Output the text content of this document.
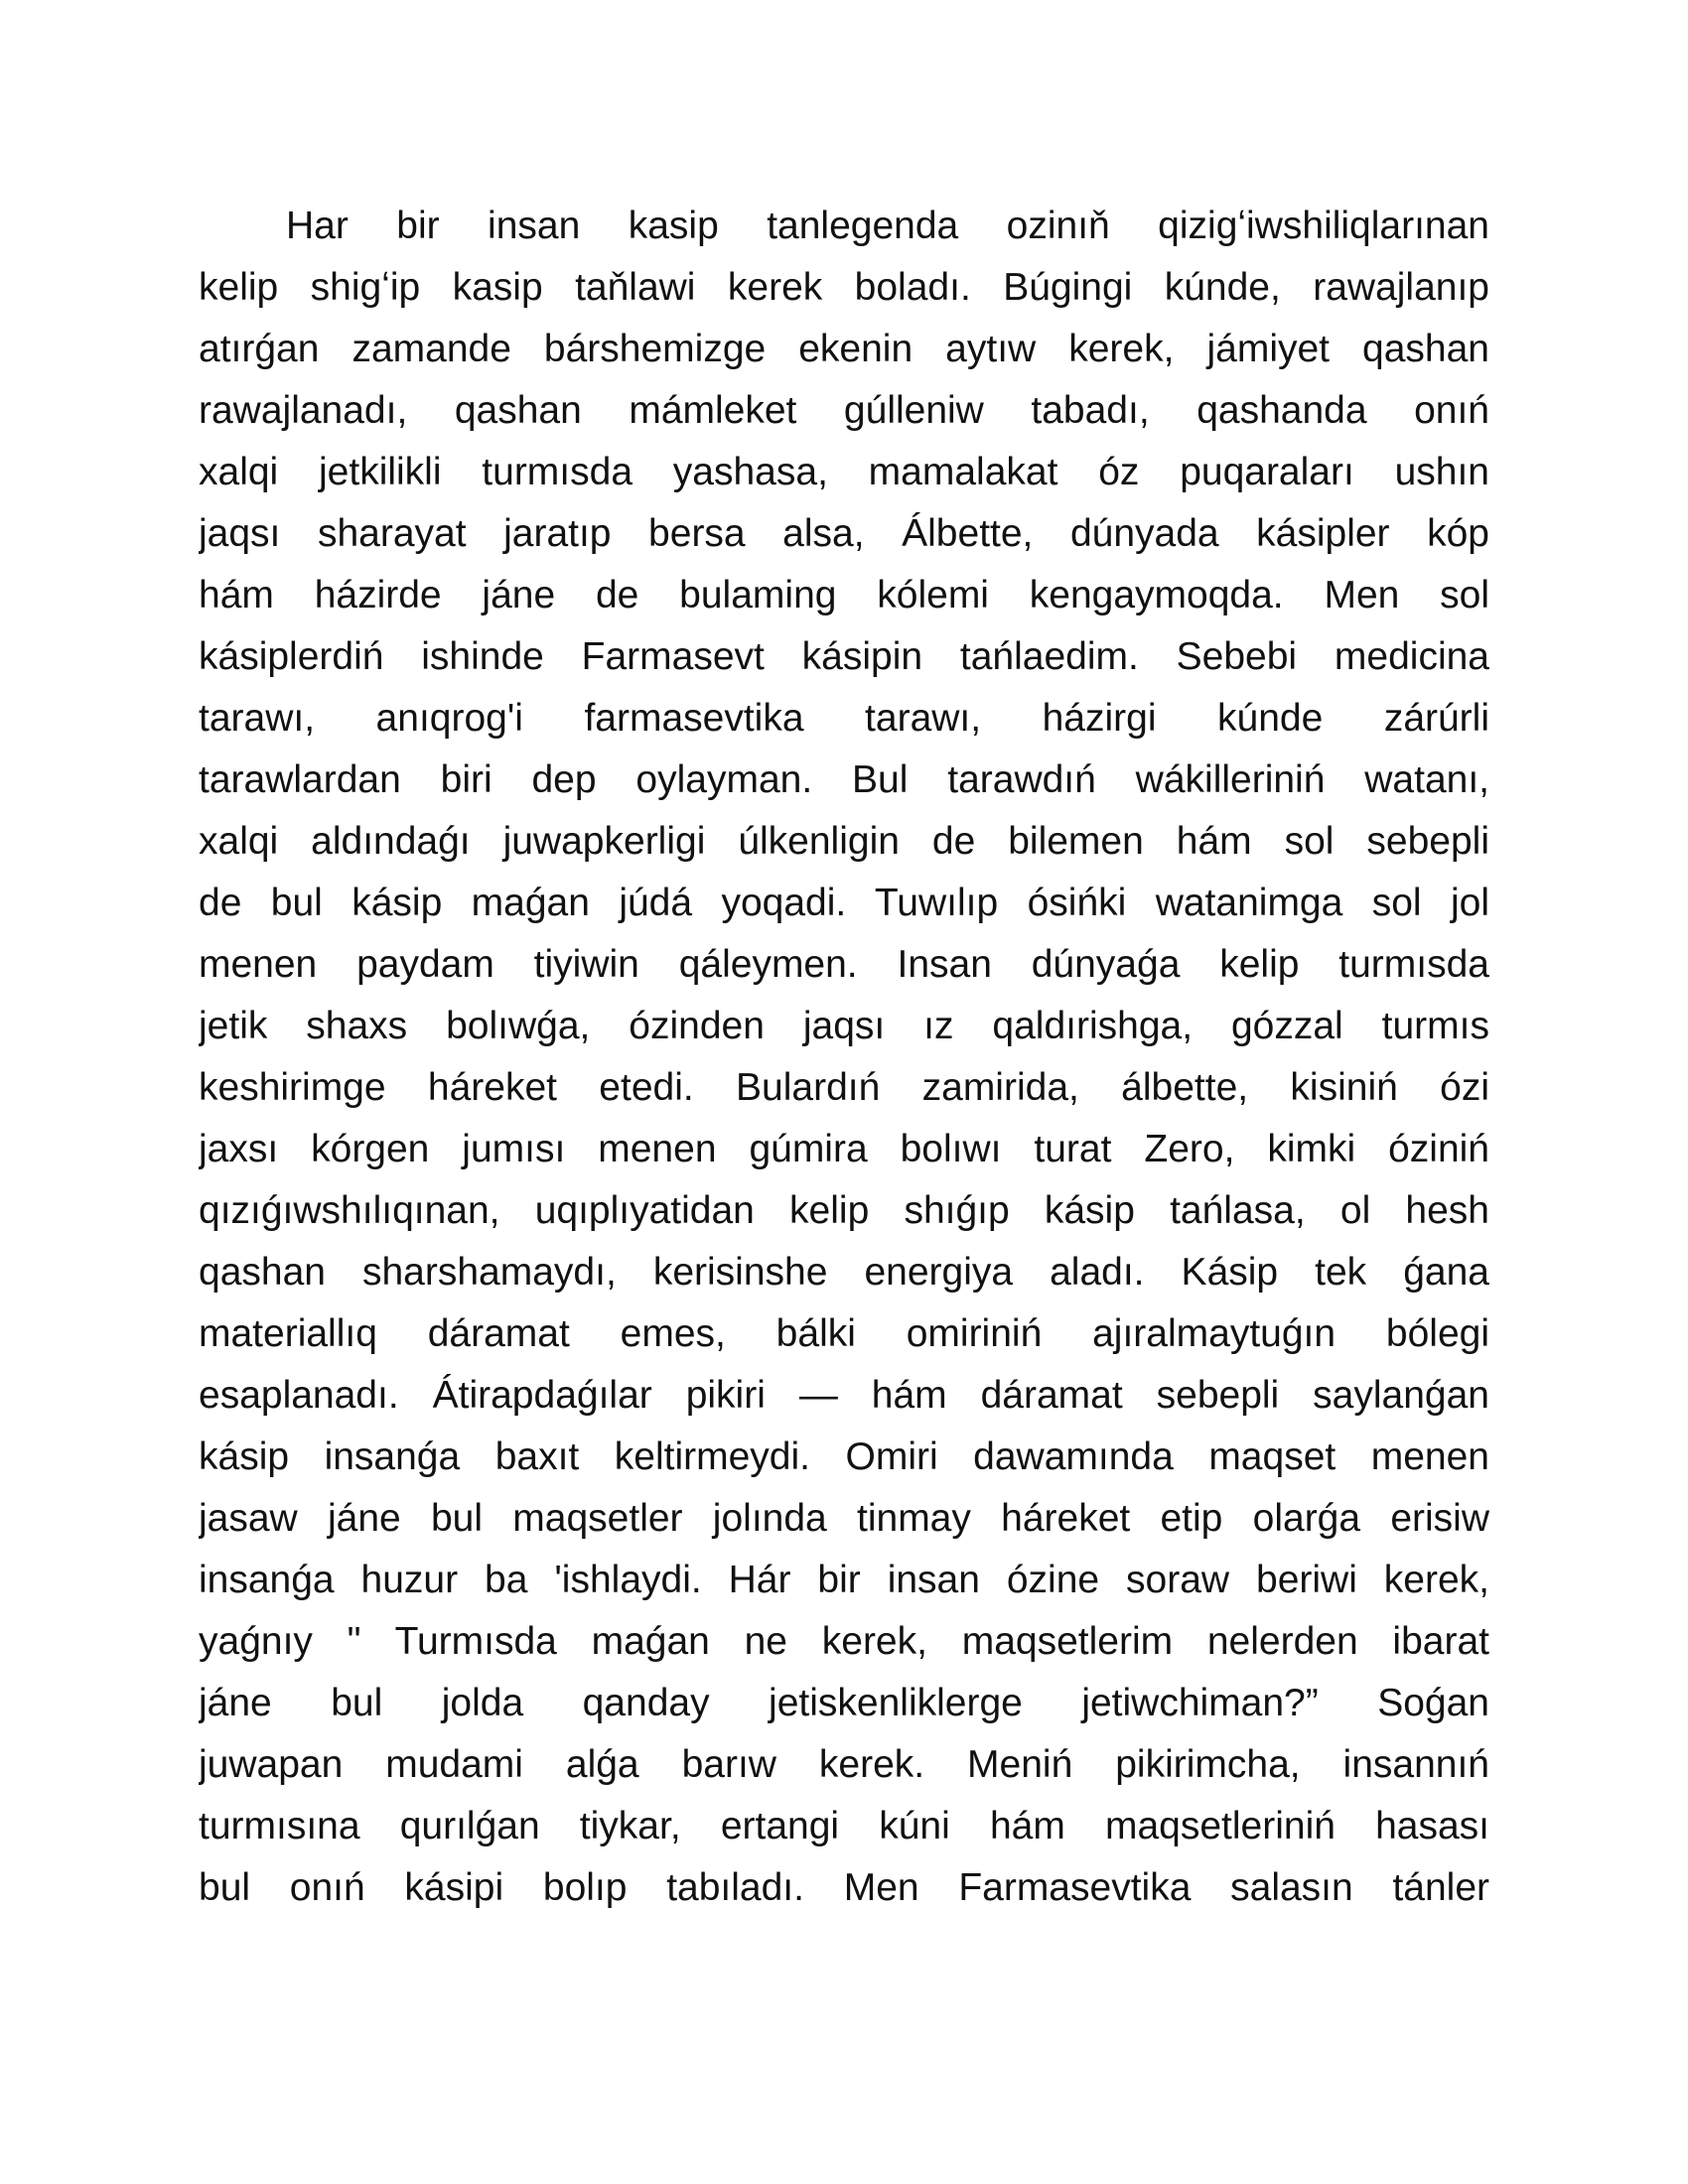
Har bir insan kasip tanlegenda ozinıň qizigʻiwshiliqlarınan
kelip shigʻip kasip taňlawi kerek boladı. Búgingi kúnde, rawajlanıp
atırǵan zamande bárshemizge ekenin aytıw kerek, jámiyet qashan
rawajlanadı, qashan mámleket gúlleniw tabadı, qashanda onıń
xalqi jetkilikli turmısda yashasa, mamalakat óz puqaraları ushın
jaqsı sharayat jaratıp bersa alsa, Álbette, dúnyada kásipler kóp
hám házirde jáne de bulaming kólemi kengaymoqda. Men sol
kásiplerdiń ishinde Farmasevt kásipin tańlaedim. Sebebi medicina
tarawı, anıqrog'i farmasevtika tarawı, házirgi kúnde zárúrli
tarawlardan biri dep oylayman. Bul tarawdıń wákilleriniń watanı,
xalqi aldındaǵı juwapkerligi úlkenligin de bilemen hám sol sebepli
de bul kásip maǵan júdá yoqadi. Tuwılıp ósińki watanimga sol jol
menen paydam tiyiwin qáleymen. Insan dúnyaǵa kelip turmısda
jetik shaxs bolıwǵa, ózinden jaqsı ız qaldırishga, gózzal turmıs
keshirimge háreket etedi. Bulardıń zamirida, álbette, kisiniń ózi
jaxsı kórgen jumısı menen gúmira bolıwı turat Zero, kimki óziniń
qızıǵıwshılıqınan, uqıplıyatidan kelip shıǵıp kásip tańlasa, ol hesh
qashan sharshamaydı, kerisinshe energiya aladı. Kásip tek ǵana
materiallıq dáramat emes, bálki omiriniń ajıralmaytuǵın bólegi
esaplanadı. Átirapdaǵılar pikiri — hám dáramat sebepli saylanǵan
kásip insanǵa baxıt keltirmeydi. Omiri dawamında maqset menen
jasaw jáne bul maqsetler jolında tinmay háreket etip olarǵa erisiw
insanǵa huzur ba 'ishlaydi. Hár bir insan ózine soraw beriwi kerek,
yaǵnıy " Turmısda maǵan ne kerek, maqsetlerim nelerden ibarat
jáne bul jolda qanday jetiskenliklerge jetiwchiman?” Soǵan
juwapan mudami alǵa barıw kerek. Meniń pikirimcha, insannıń
turmısına qurılǵan tiykar, ertangi kúni hám maqsetleriniń hasası
bul onıń kásipi bolıp tabıladı. Men Farmasevtika salasın tánler
